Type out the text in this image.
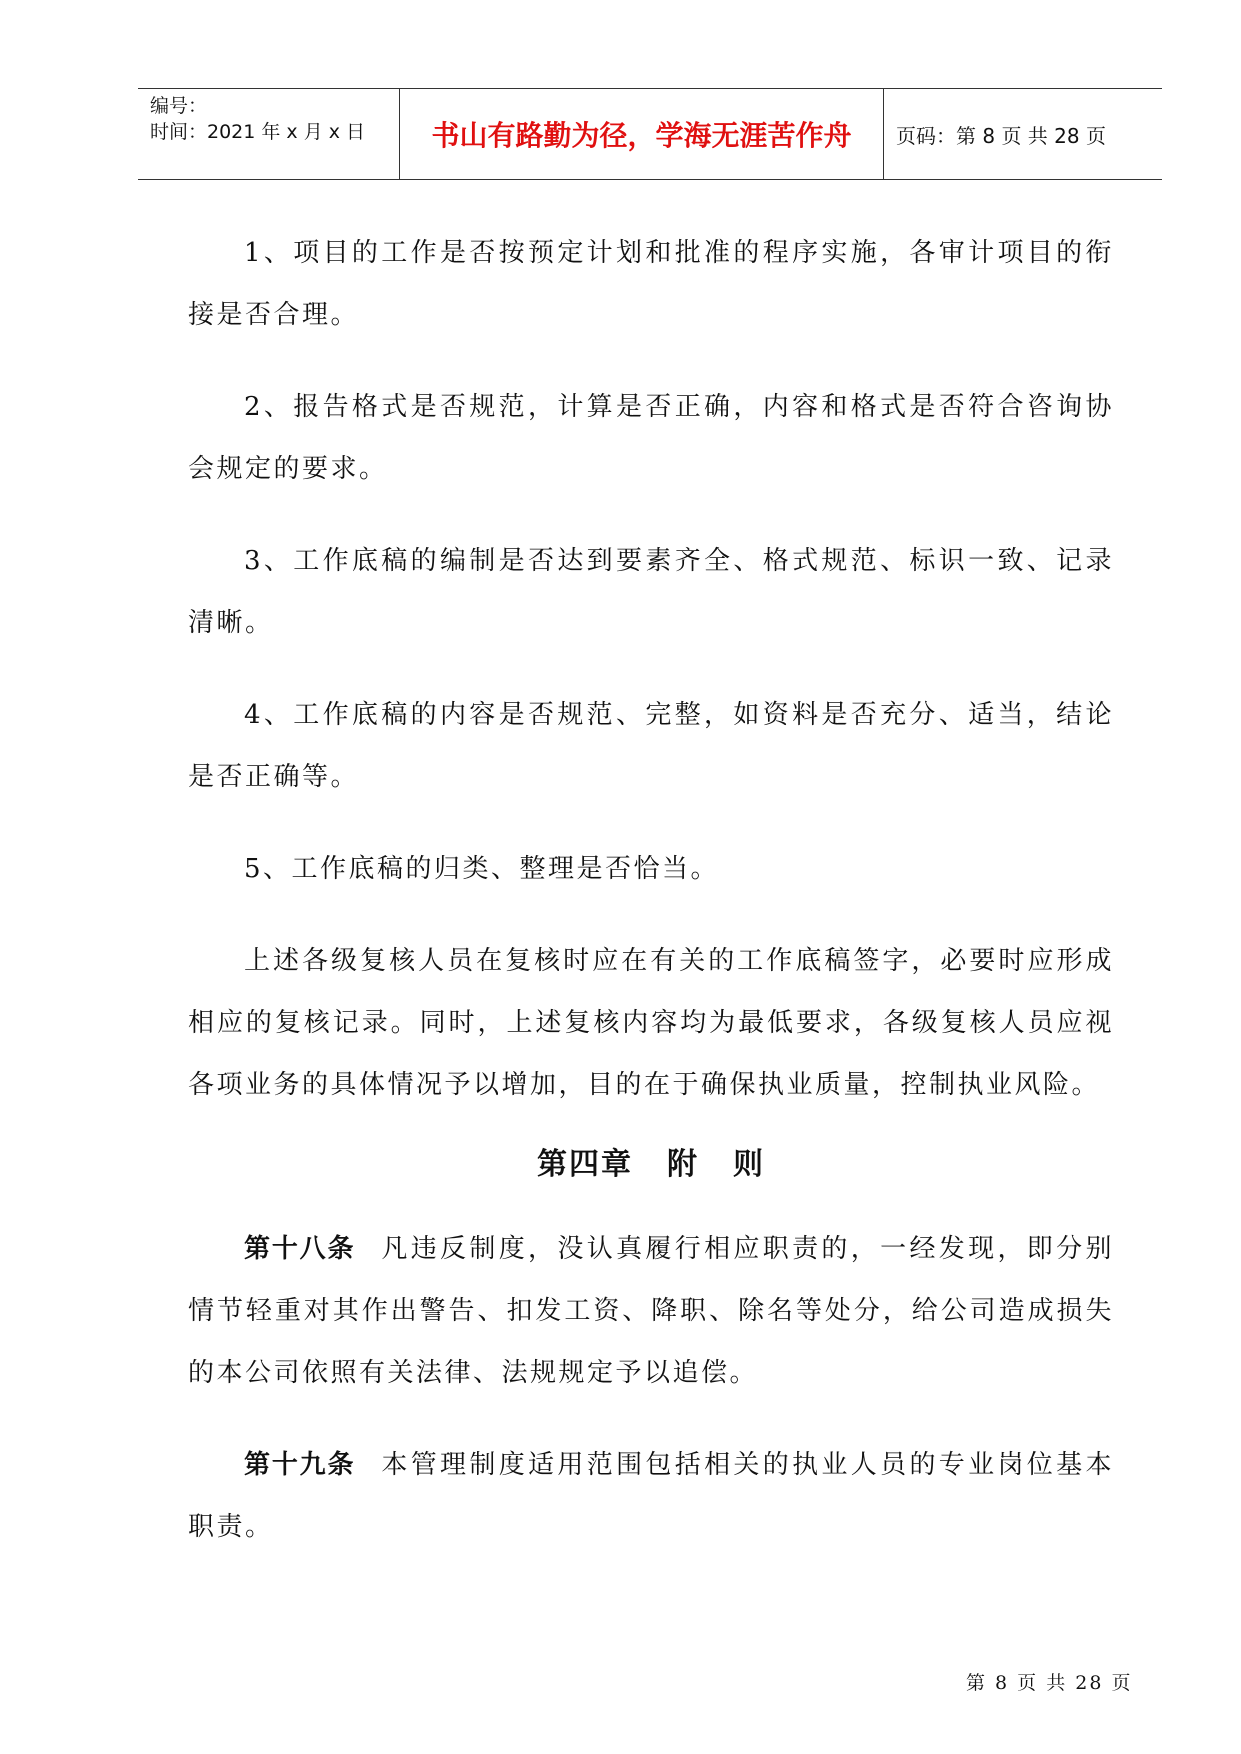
编号：
时间：2021 年 x 月 x 日	书山有路勤为径，学海无涯苦作舟	页码：第 8 页 共 28 页

1、项目的工作是否按预定计划和批准的程序实施，各审计项目的衔接是否合理。

2、报告格式是否规范，计算是否正确，内容和格式是否符合咨询协会规定的要求。

3、工作底稿的编制是否达到要素齐全、格式规范、标识一致、记录清晰。

4、工作底稿的内容是否规范、完整，如资料是否充分、适当，结论是否正确等。

5、工作底稿的归类、整理是否恰当。

上述各级复核人员在复核时应在有关的工作底稿签字，必要时应形成相应的复核记录。同时，上述复核内容均为最低要求，各级复核人员应视各项业务的具体情况予以增加，目的在于确保执业质量，控制执业风险。

第四章 附 则

第十八条 凡违反制度，没认真履行相应职责的，一经发现，即分别情节轻重对其作出警告、扣发工资、降职、除名等处分，给公司造成损失的本公司依照有关法律、法规规定予以追偿。

第十九条 本管理制度适用范围包括相关的执业人员的专业岗位基本职责。

第 8 页 共 28 页
